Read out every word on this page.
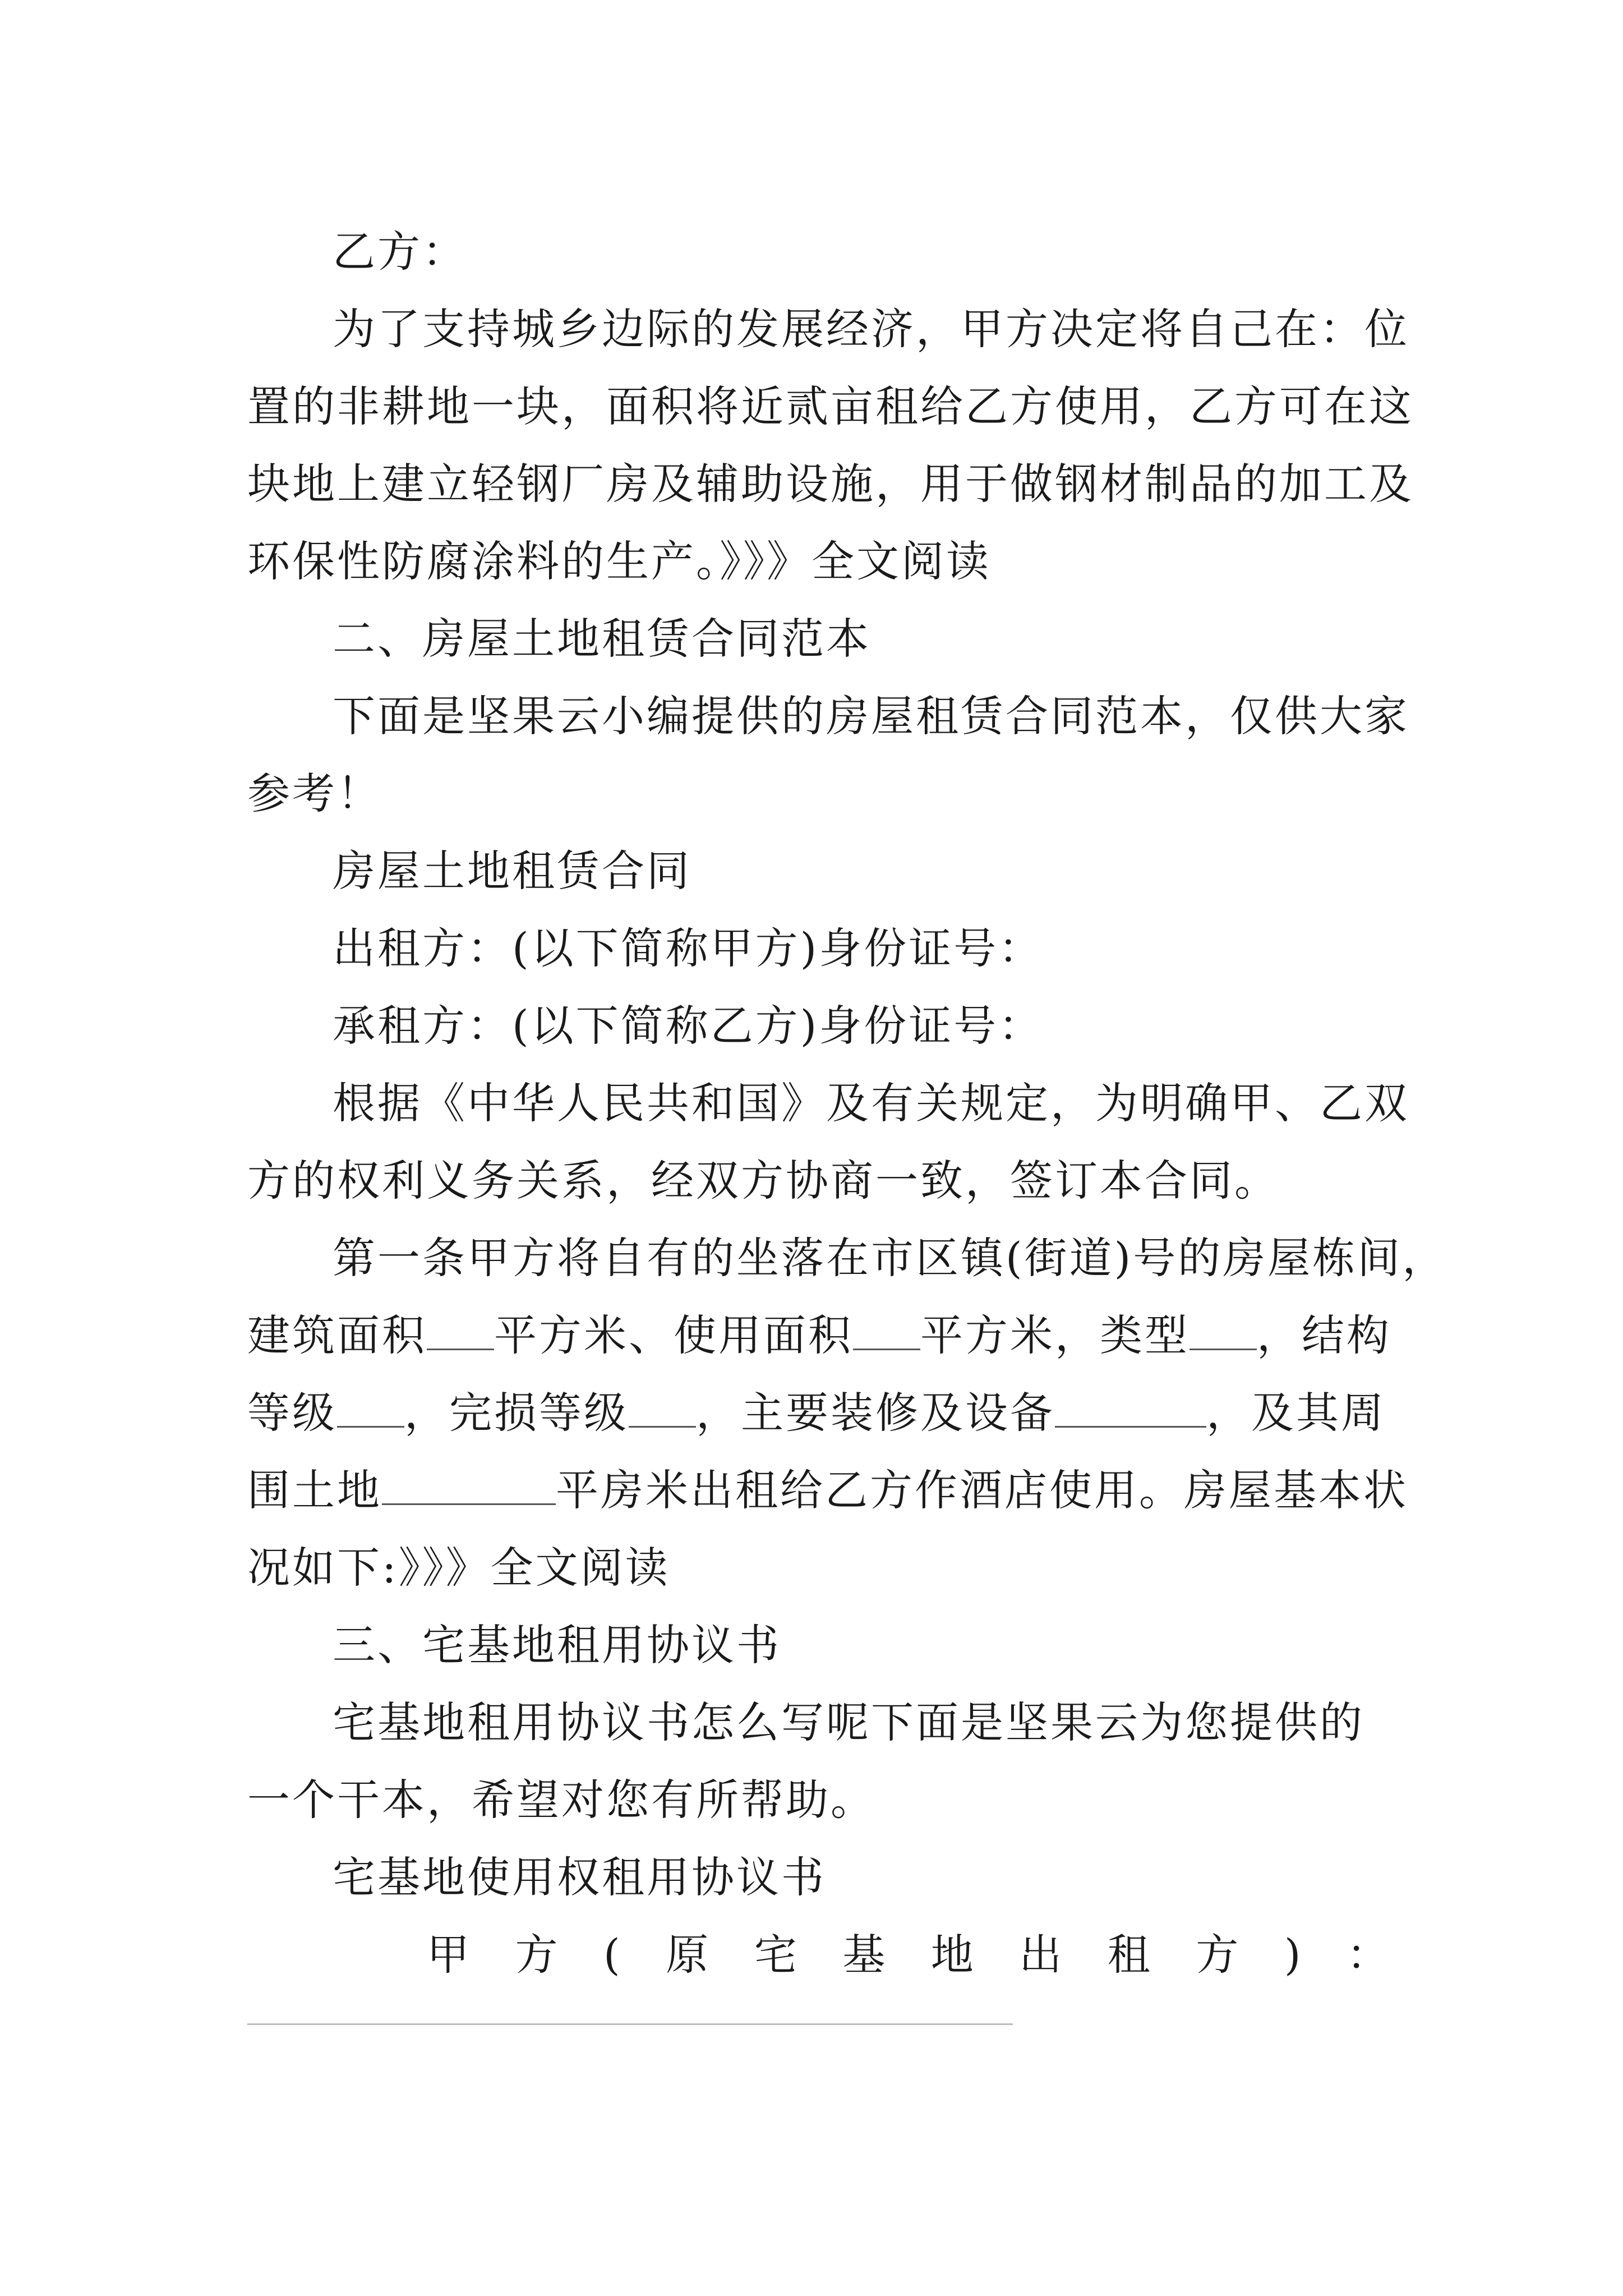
乙方：
为了支持城乡边际的发展经济，甲方决定将自己在：位
置的非耕地一块，面积将近贰亩租给乙方使用，乙方可在这
块地上建立轻钢厂房及辅助设施，用于做钢材制品的加工及
环保性防腐涂料的生产。》》》全文阅读
二、房屋土地租赁合同范本
下面是坚果云小编提供的房屋租赁合同范本，仅供大家
参考！
房屋土地租赁合同
出租方：(以下简称甲方)身份证号：
承租方：(以下简称乙方)身份证号：
根据《中华人民共和国》及有关规定，为明确甲、乙双
方的权利义务关系，经双方协商一致，签订本合同。
第一条甲方将自有的坐落在市区镇(街道)号的房屋栋间，
建筑面积 平方米、使用面积 平方米，类型 ，结构
等级 ，完损等级 ，主要装修及设备	，及其周
围土地	平房米出租给乙方作酒店使用。房屋基本状
况如下:》》》全文阅读
三、宅基地租用协议书
宅基地租用协议书怎么写呢下面是坚果云为您提供的
一个干本，希望对您有所帮助。
宅基地使用权租用协议书
甲 方 ( 原 宅 基 地 出 租 方 ) ：
